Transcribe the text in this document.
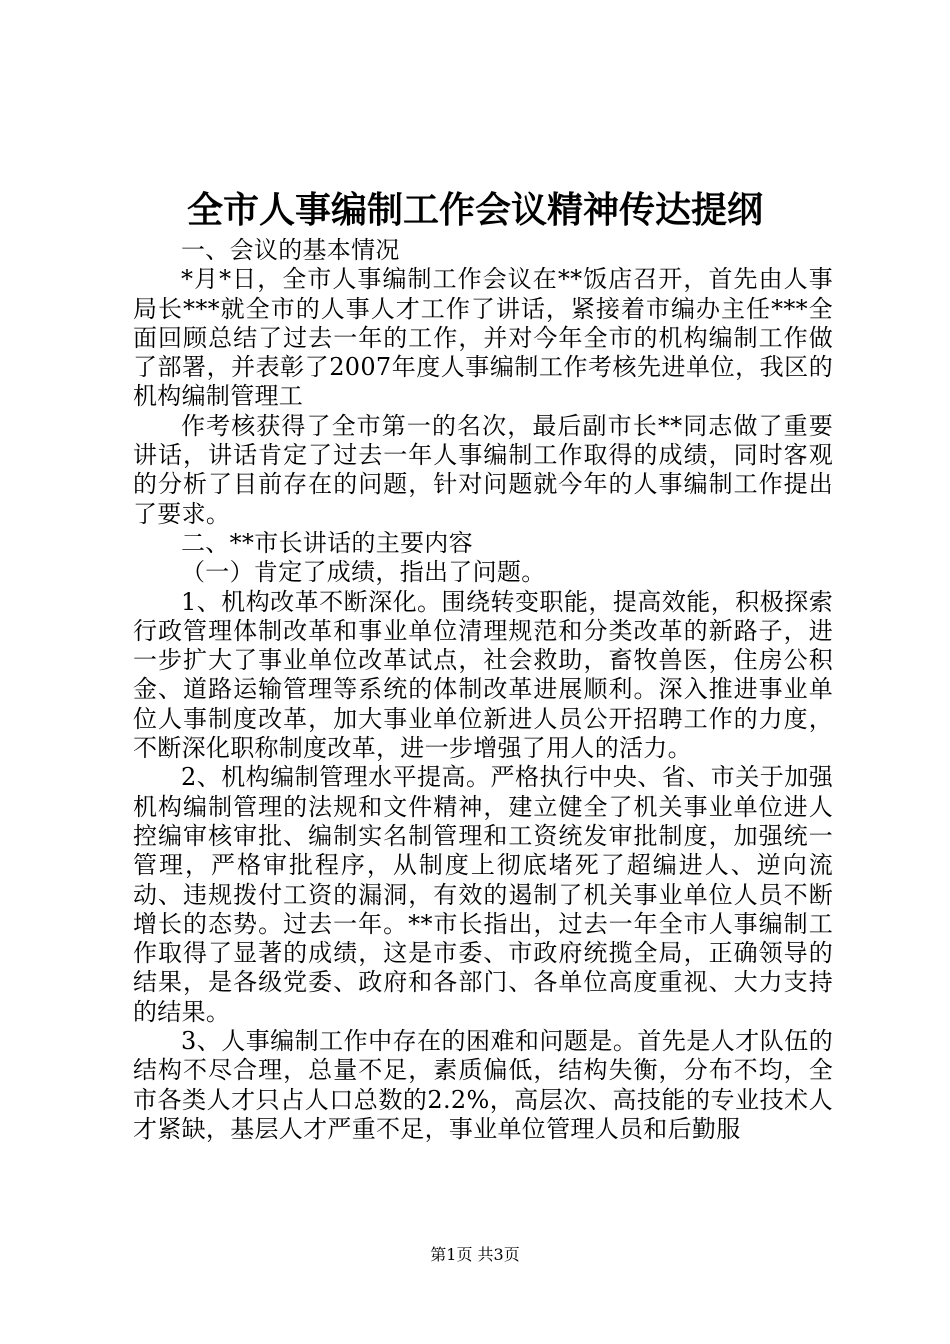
全市人事编制工作会议精神传达提纲

一、会议的基本情况

*月*日，全市人事编制工作会议在**饭店召开，首先由人事局长***就全市的人事人才工作了讲话，紧接着市编办主任***全面回顾总结了过去一年的工作，并对今年全市的机构编制工作做了部署，并表彰了2007年度人事编制工作考核先进单位，我区的机构编制管理工

作考核获得了全市第一的名次，最后副市长**同志做了重要讲话，讲话肯定了过去一年人事编制工作取得的成绩，同时客观的分析了目前存在的问题，针对问题就今年的人事编制工作提出了要求。

二、**市长讲话的主要内容

（一）肯定了成绩，指出了问题。

1、机构改革不断深化。围绕转变职能，提高效能，积极探索行政管理体制改革和事业单位清理规范和分类改革的新路子，进一步扩大了事业单位改革试点，社会救助，畜牧兽医，住房公积金、道路运输管理等系统的体制改革进展顺利。深入推进事业单位人事制度改革，加大事业单位新进人员公开招聘工作的力度，不断深化职称制度改革，进一步增强了用人的活力。

2、机构编制管理水平提高。严格执行中央、省、市关于加强机构编制管理的法规和文件精神，建立健全了机关事业单位进人控编审核审批、编制实名制管理和工资统发审批制度，加强统一管理，严格审批程序，从制度上彻底堵死了超编进人、逆向流动、违规拨付工资的漏洞，有效的遏制了机关事业单位人员不断增长的态势。过去一年。**市长指出，过去一年全市人事编制工作取得了显著的成绩，这是市委、市政府统揽全局，正确领导的结果，是各级党委、政府和各部门、各单位高度重视、大力支持的结果。

3、人事编制工作中存在的困难和问题是。首先是人才队伍的结构不尽合理，总量不足，素质偏低，结构失衡，分布不均，全市各类人才只占人口总数的2.2%，高层次、高技能的专业技术人才紧缺，基层人才严重不足，事业单位管理人员和后勤服

第1页 共3页
